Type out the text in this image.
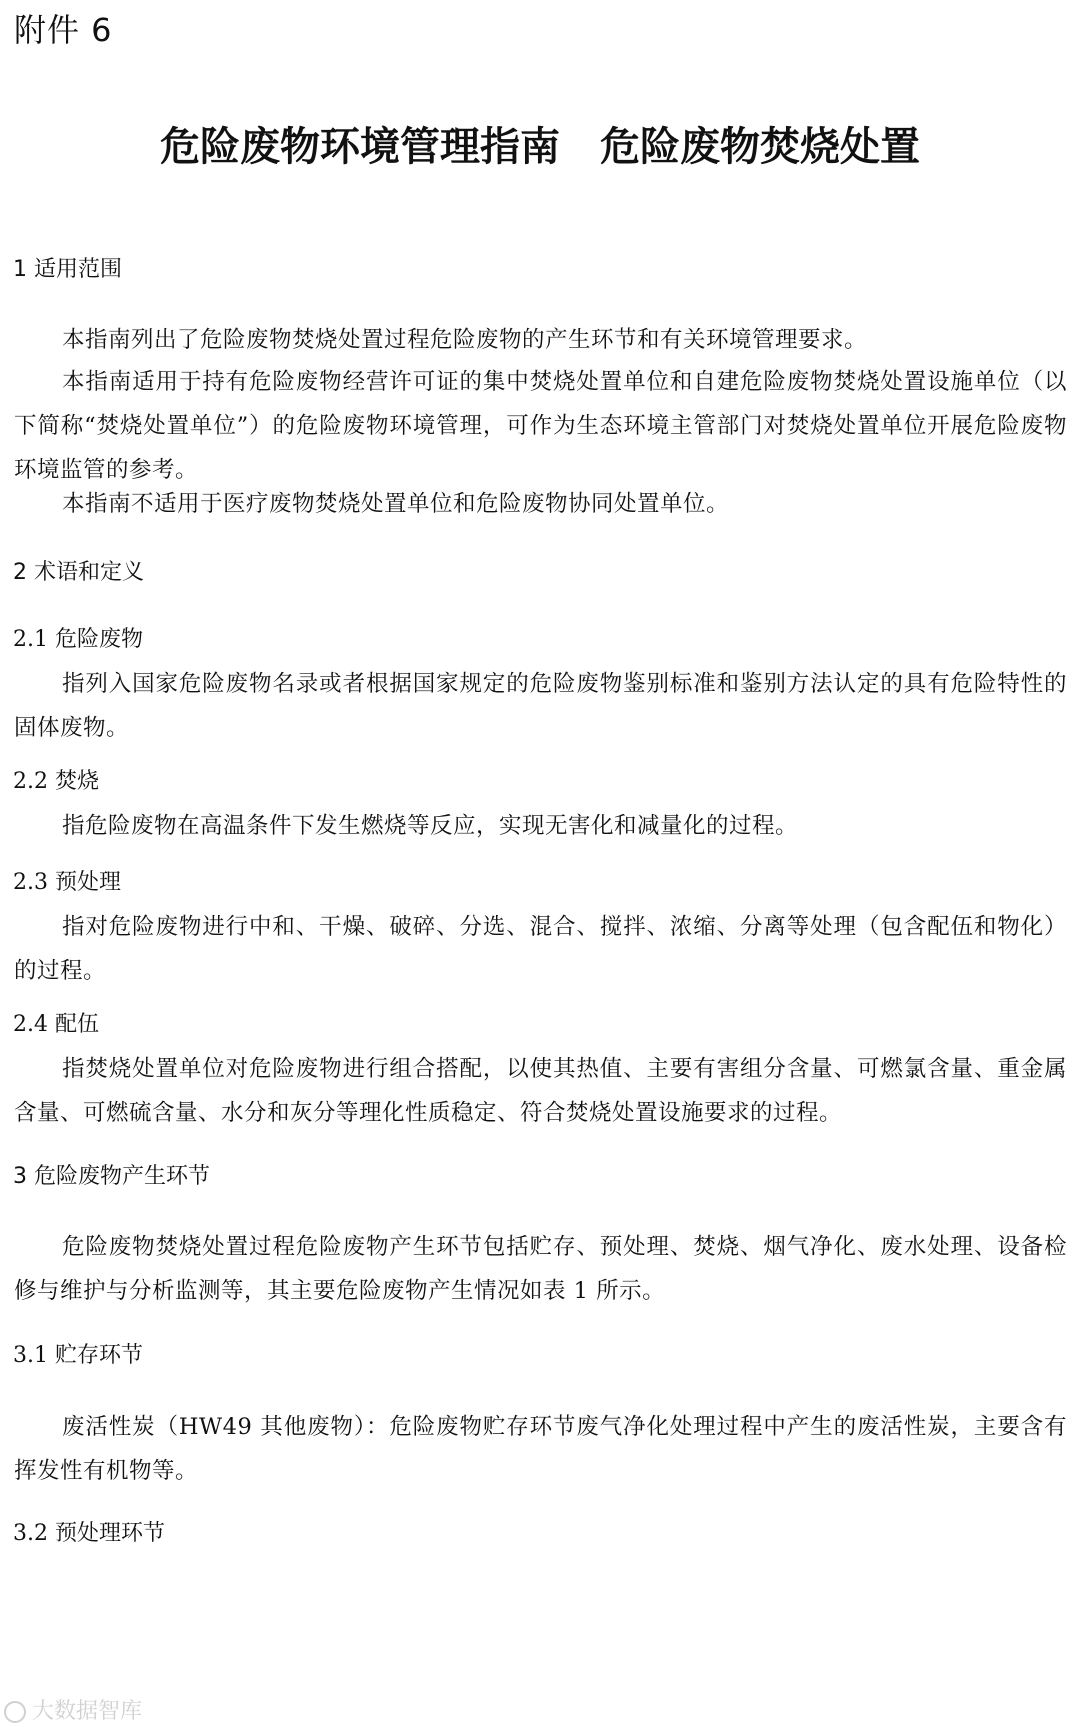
附件 6
危险废物环境管理指南　危险废物焚烧处置
1 适用范围
本指南列出了危险废物焚烧处置过程危险废物的产生环节和有关环境管理要求。
本指南适用于持有危险废物经营许可证的集中焚烧处置单位和自建危险废物焚烧处置设施单位（以下简称“焚烧处置单位”）的危险废物环境管理，可作为生态环境主管部门对焚烧处置单位开展危险废物环境监管的参考。
本指南不适用于医疗废物焚烧处置单位和危险废物协同处置单位。
2 术语和定义
2.1 危险废物
指列入国家危险废物名录或者根据国家规定的危险废物鉴别标准和鉴别方法认定的具有危险特性的固体废物。
2.2 焚烧
指危险废物在高温条件下发生燃烧等反应，实现无害化和减量化的过程。
2.3 预处理
指对危险废物进行中和、干燥、破碎、分选、混合、搅拌、浓缩、分离等处理（包含配伍和物化）的过程。
2.4 配伍
指焚烧处置单位对危险废物进行组合搭配，以使其热值、主要有害组分含量、可燃氯含量、重金属含量、可燃硫含量、水分和灰分等理化性质稳定、符合焚烧处置设施要求的过程。
3 危险废物产生环节
危险废物焚烧处置过程危险废物产生环节包括贮存、预处理、焚烧、烟气净化、废水处理、设备检修与维护与分析监测等，其主要危险废物产生情况如表 1 所示。
3.1 贮存环节
废活性炭（HW49 其他废物）：危险废物贮存环节废气净化处理过程中产生的废活性炭，主要含有挥发性有机物等。
3.2 预处理环节
大数据智库
